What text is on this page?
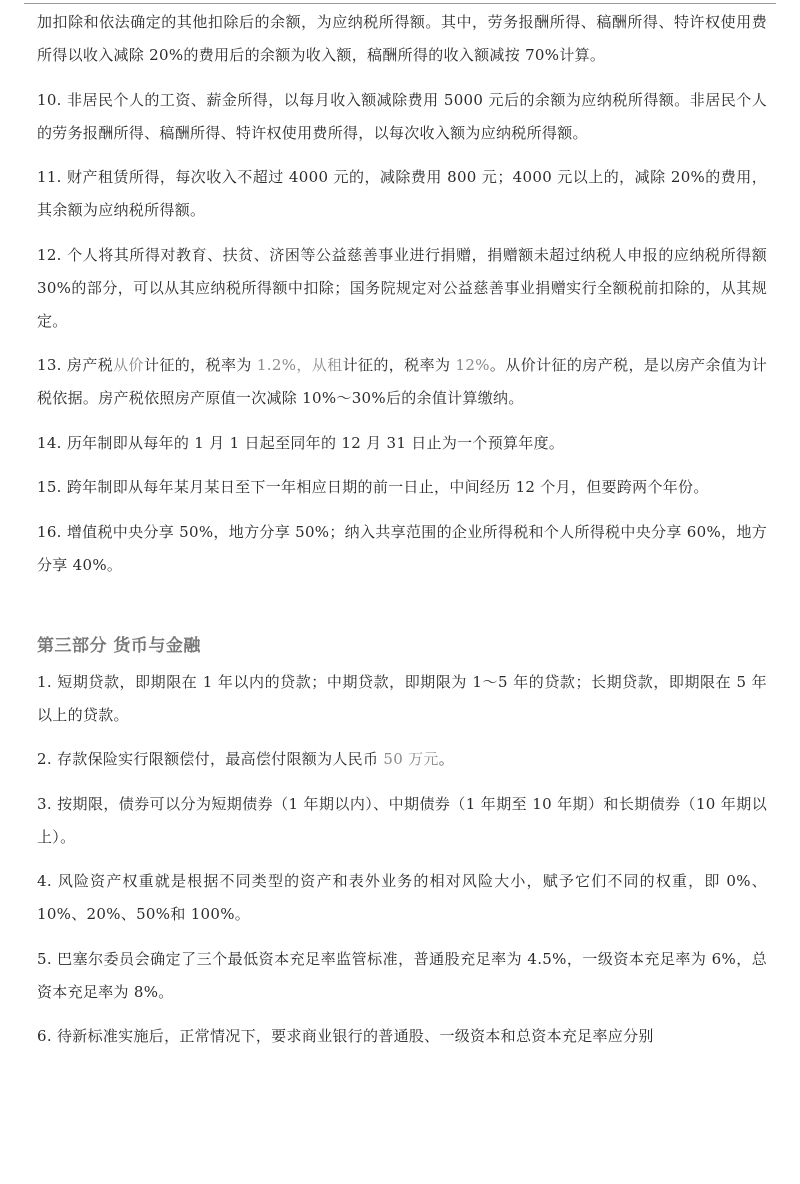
加扣除和依法确定的其他扣除后的余额，为应纳税所得额。其中，劳务报酬所得、稿酬所得、特许权使用费所得以收入减除 20%的费用后的余额为收入额，稿酬所得的收入额减按 70%计算。

10. 非居民个人的工资、薪金所得，以每月收入额减除费用 5000 元后的余额为应纳税所得额。非居民个人的劳务报酬所得、稿酬所得、特许权使用费所得，以每次收入额为应纳税所得额。

11. 财产租赁所得，每次收入不超过 4000 元的，减除费用 800 元；4000 元以上的，减除 20%的费用，其余额为应纳税所得额。

12. 个人将其所得对教育、扶贫、济困等公益慈善事业进行捐赠，捐赠额未超过纳税人申报的应纳税所得额 30%的部分，可以从其应纳税所得额中扣除；国务院规定对公益慈善事业捐赠实行全额税前扣除的，从其规定。

13. 房产税从价计征的，税率为 1.2%，从租计征的，税率为 12%。从价计征的房产税，是以房产余值为计税依据。房产税依照房产原值一次减除 10%～30%后的余值计算缴纳。

14. 历年制即从每年的 1 月 1 日起至同年的 12 月 31 日止为一个预算年度。

15. 跨年制即从每年某月某日至下一年相应日期的前一日止，中间经历 12 个月，但要跨两个年份。

16. 增值税中央分享 50%，地方分享 50%；纳入共享范围的企业所得税和个人所得税中央分享 60%，地方分享 40%。

第三部分 货币与金融

1. 短期贷款，即期限在 1 年以内的贷款；中期贷款，即期限为 1～5 年的贷款；长期贷款，即期限在 5 年以上的贷款。

2. 存款保险实行限额偿付，最高偿付限额为人民币 50 万元。

3. 按期限，债券可以分为短期债券（1 年期以内）、中期债券（1 年期至 10 年期）和长期债券（10 年期以上）。

4. 风险资产权重就是根据不同类型的资产和表外业务的相对风险大小，赋予它们不同的权重，即 0%、10%、20%、50%和 100%。

5. 巴塞尔委员会确定了三个最低资本充足率监管标准，普通股充足率为 4.5%，一级资本充足率为 6%，总资本充足率为 8%。

6. 待新标准实施后，正常情况下，要求商业银行的普通股、一级资本和总资本充足率应分别
